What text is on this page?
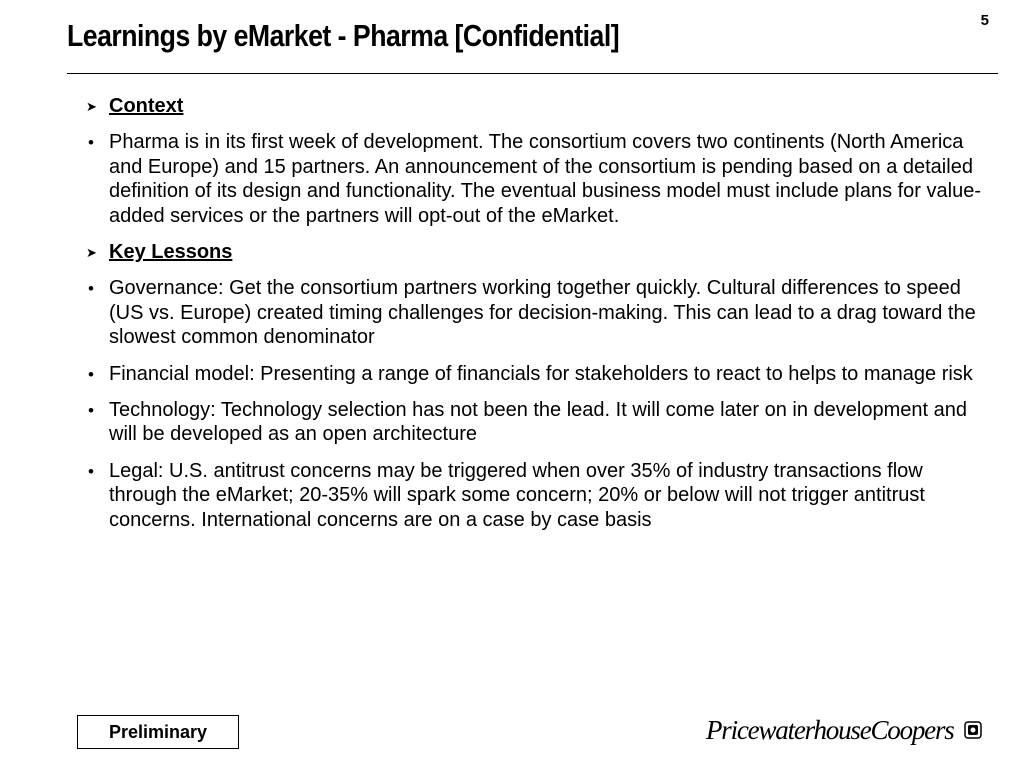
5
Learnings by eMarket - Pharma [Confidential]
➤ Context
• Pharma is in its first week of development. The consortium covers two continents (North America and Europe) and 15 partners. An announcement of the consortium is pending based on a detailed definition of its design and functionality. The eventual business model must include plans for value-added services or the partners will opt-out of the eMarket.
➤ Key Lessons
• Governance: Get the consortium partners working together quickly. Cultural differences to speed (US vs. Europe) created timing challenges for decision-making. This can lead to a drag toward the slowest common denominator
• Financial model: Presenting a range of financials for stakeholders to react to helps to manage risk
• Technology: Technology selection has not been the lead. It will come later on in development and will be developed as an open architecture
• Legal: U.S. antitrust concerns may be triggered when over 35% of industry transactions flow through the eMarket; 20-35% will spark some concern; 20% or below will not trigger antitrust concerns. International concerns are on a case by case basis
Preliminary	PricewaterhouseCoopers
